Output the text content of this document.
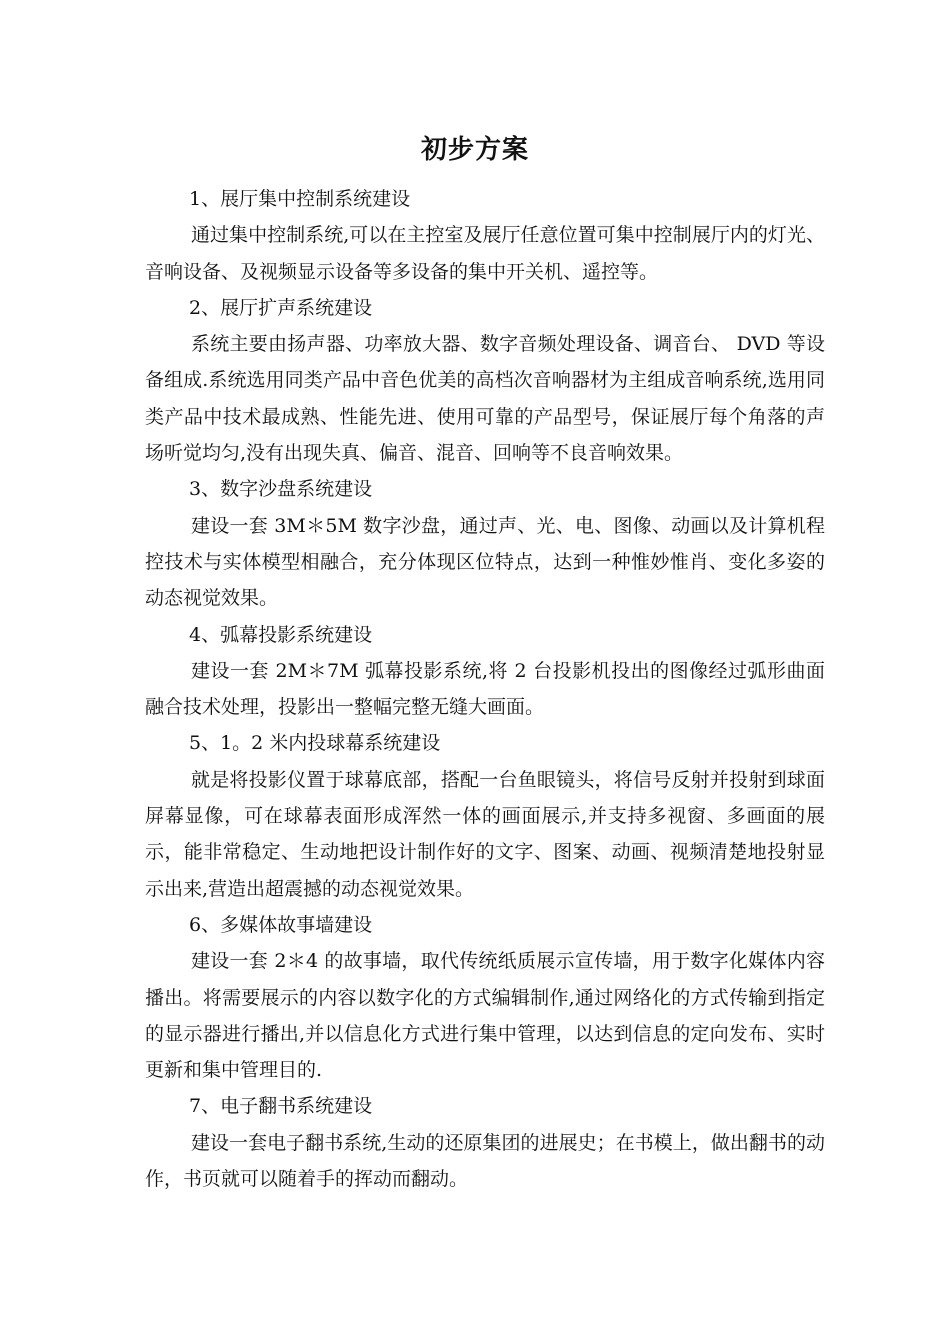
初步方案

1、展厅集中控制系统建设

通过集中控制系统,可以在主控室及展厅任意位置可集中控制展厅内的灯光、音响设备、及视频显示设备等多设备的集中开关机、遥控等。

2、展厅扩声系统建设

系统主要由扬声器、功率放大器、数字音频处理设备、调音台、 DVD 等设备组成.系统选用同类产品中音色优美的高档次音响器材为主组成音响系统,选用同类产品中技术最成熟、性能先进、使用可靠的产品型号，保证展厅每个角落的声场听觉均匀,没有出现失真、偏音、混音、回响等不良音响效果。

3、数字沙盘系统建设

建设一套 3M＊5M 数字沙盘，通过声、光、电、图像、动画以及计算机程控技术与实体模型相融合，充分体现区位特点，达到一种惟妙惟肖、变化多姿的动态视觉效果。

4、弧幕投影系统建设

建设一套 2M＊7M 弧幕投影系统,将 2 台投影机投出的图像经过弧形曲面融合技术处理，投影出一整幅完整无缝大画面。

5、1。2 米内投球幕系统建设

就是将投影仪置于球幕底部，搭配一台鱼眼镜头，将信号反射并投射到球面屏幕显像，可在球幕表面形成浑然一体的画面展示,并支持多视窗、多画面的展示，能非常稳定、生动地把设计制作好的文字、图案、动画、视频清楚地投射显示出来,营造出超震撼的动态视觉效果。

6、多媒体故事墙建设

建设一套 2＊4 的故事墙，取代传统纸质展示宣传墙，用于数字化媒体内容播出。将需要展示的内容以数字化的方式编辑制作,通过网络化的方式传输到指定的显示器进行播出,并以信息化方式进行集中管理，以达到信息的定向发布、实时更新和集中管理目的.

7、电子翻书系统建设

建设一套电子翻书系统,生动的还原集团的进展史；在书模上，做出翻书的动作，书页就可以随着手的挥动而翻动。
